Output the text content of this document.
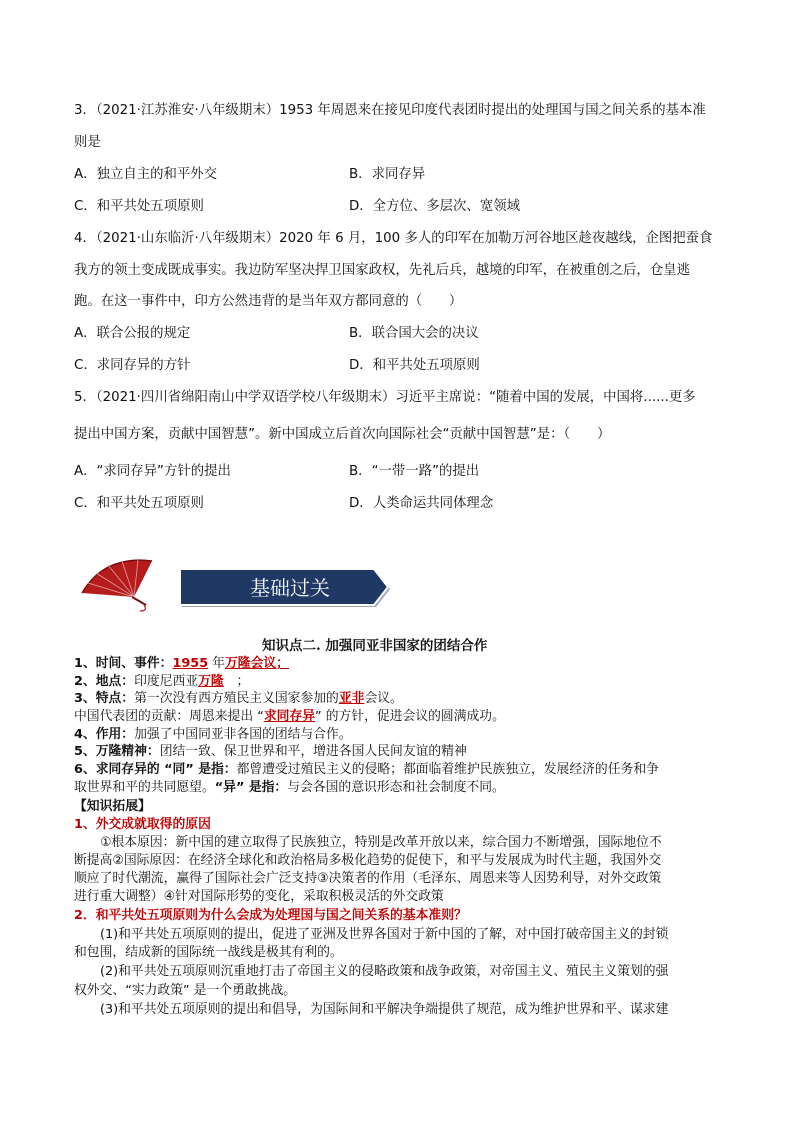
3．（2021·江苏淮安·八年级期末）1953 年周恩来在接见印度代表团时提出的处理国与国之间关系的基本准
则是
A．独立自主的和平外交	B．求同存异
C．和平共处五项原则	D．全方位、多层次、宽领域
4．（2021·山东临沂·八年级期末）2020 年 6 月，100 多人的印军在加勒万河谷地区趁夜越线，企图把蚕食
我方的领土变成既成事实。我边防军坚决捍卫国家政权，先礼后兵，越境的印军，在被重创之后，仓皇逃
跑。在这一事件中，印方公然违背的是当年双方都同意的（　　）
A．联合公报的规定	B．联合国大会的决议
C．求同存异的方针	D．和平共处五项原则
5．（2021·四川省绵阳南山中学双语学校八年级期末）习近平主席说：“随着中国的发展，中国将......更多
提出中国方案，贡献中国智慧”。新中国成立后首次向国际社会“贡献中国智慧”是：（　　）
A．“求同存异”方针的提出	B．“一带一路”的提出
C．和平共处五项原则	D．人类命运共同体理念
基础过关
知识点二. 加强同亚非国家的团结合作
1、时间、事件：1955 年万隆会议；
2、地点：印度尼西亚万隆　；
3、特点：第一次没有西方殖民主义国家参加的亚非会议。
中国代表团的贡献：周恩来提出 “求同存异” 的方针，促进会议的圆满成功。
4、作用：加强了中国同亚非各国的团结与合作。
5、万隆精神：团结一致、保卫世界和平，增进各国人民间友谊的精神
6、求同存异的 “同” 是指：都曾遭受过殖民主义的侵略；都面临着维护民族独立，发展经济的任务和争
取世界和平的共同愿望。“异” 是指：与会各国的意识形态和社会制度不同。
【知识拓展】
1、外交成就取得的原因
①根本原因：新中国的建立取得了民族独立，特别是改革开放以来，综合国力不断增强，国际地位不
断提高②国际原因：在经济全球化和政治格局多极化趋势的促使下，和平与发展成为时代主题，我国外交
顺应了时代潮流，赢得了国际社会广泛支持③决策者的作用（毛泽东、周恩来等人因势利导，对外交政策
进行重大调整）④针对国际形势的变化，采取积极灵活的外交政策
2．和平共处五项原则为什么会成为处理国与国之间关系的基本准则？
(1)和平共处五项原则的提出，促进了亚洲及世界各国对于新中国的了解，对中国打破帝国主义的封锁
和包围，结成新的国际统一战线是极其有利的。
(2)和平共处五项原则沉重地打击了帝国主义的侵略政策和战争政策，对帝国主义、殖民主义策划的强
权外交、“实力政策” 是一个勇敢挑战。
(3)和平共处五项原则的提出和倡导，为国际间和平解决争端提供了规范，成为维护世界和平、谋求建
